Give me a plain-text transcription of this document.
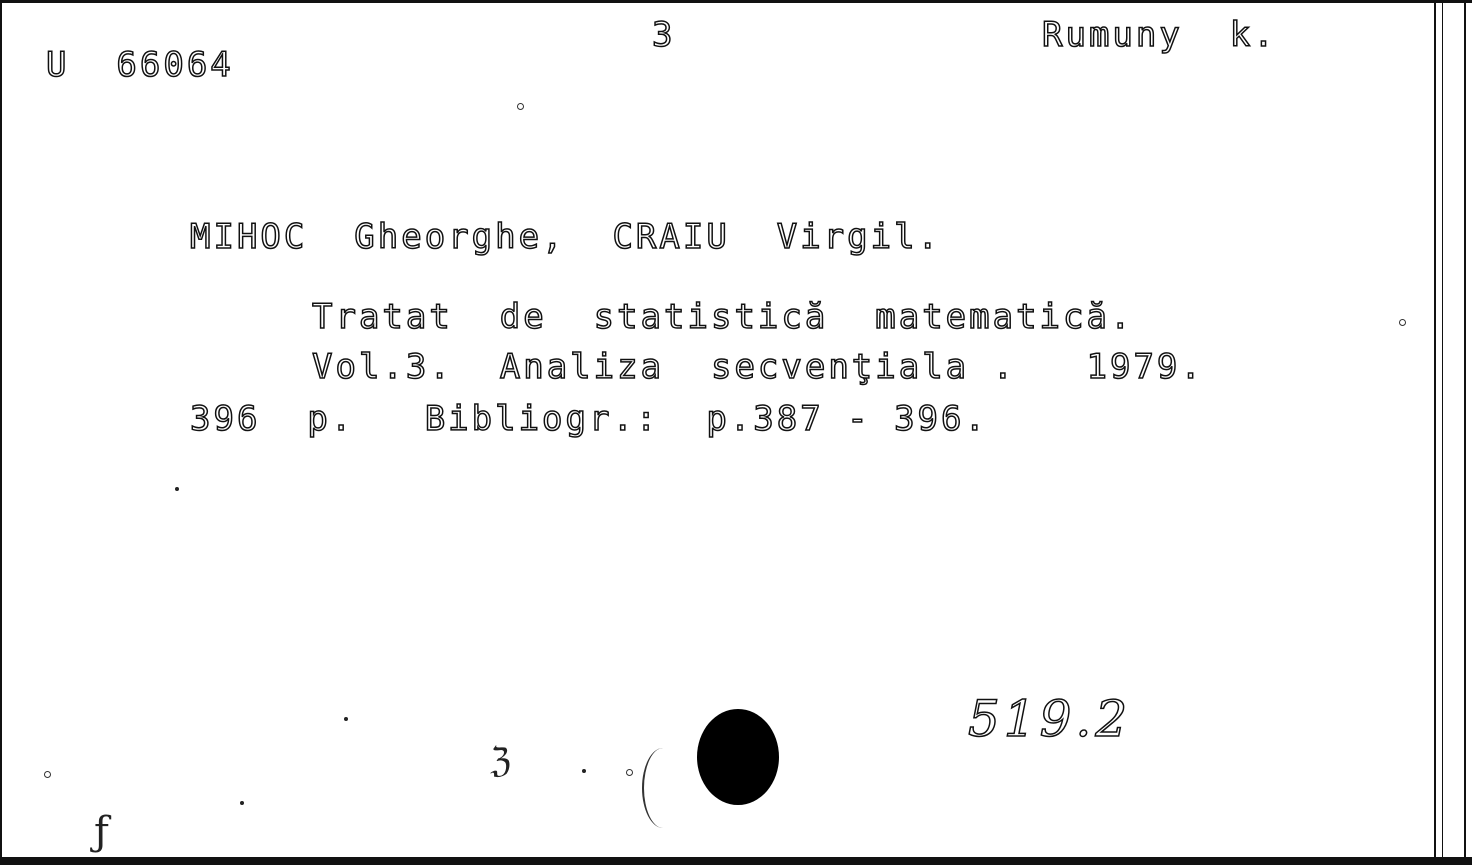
U  66064
3	Rumuny  k.
MIHOC  Gheorghe,  CRAIU  Virgil.
Tratat  de  statistică  matematică.
Vol.3.  Analiza  secvenţiala .   1979.
396  p.   Bibliogr.:  p.387 - 396.
519.2
ℨ
ƒ
